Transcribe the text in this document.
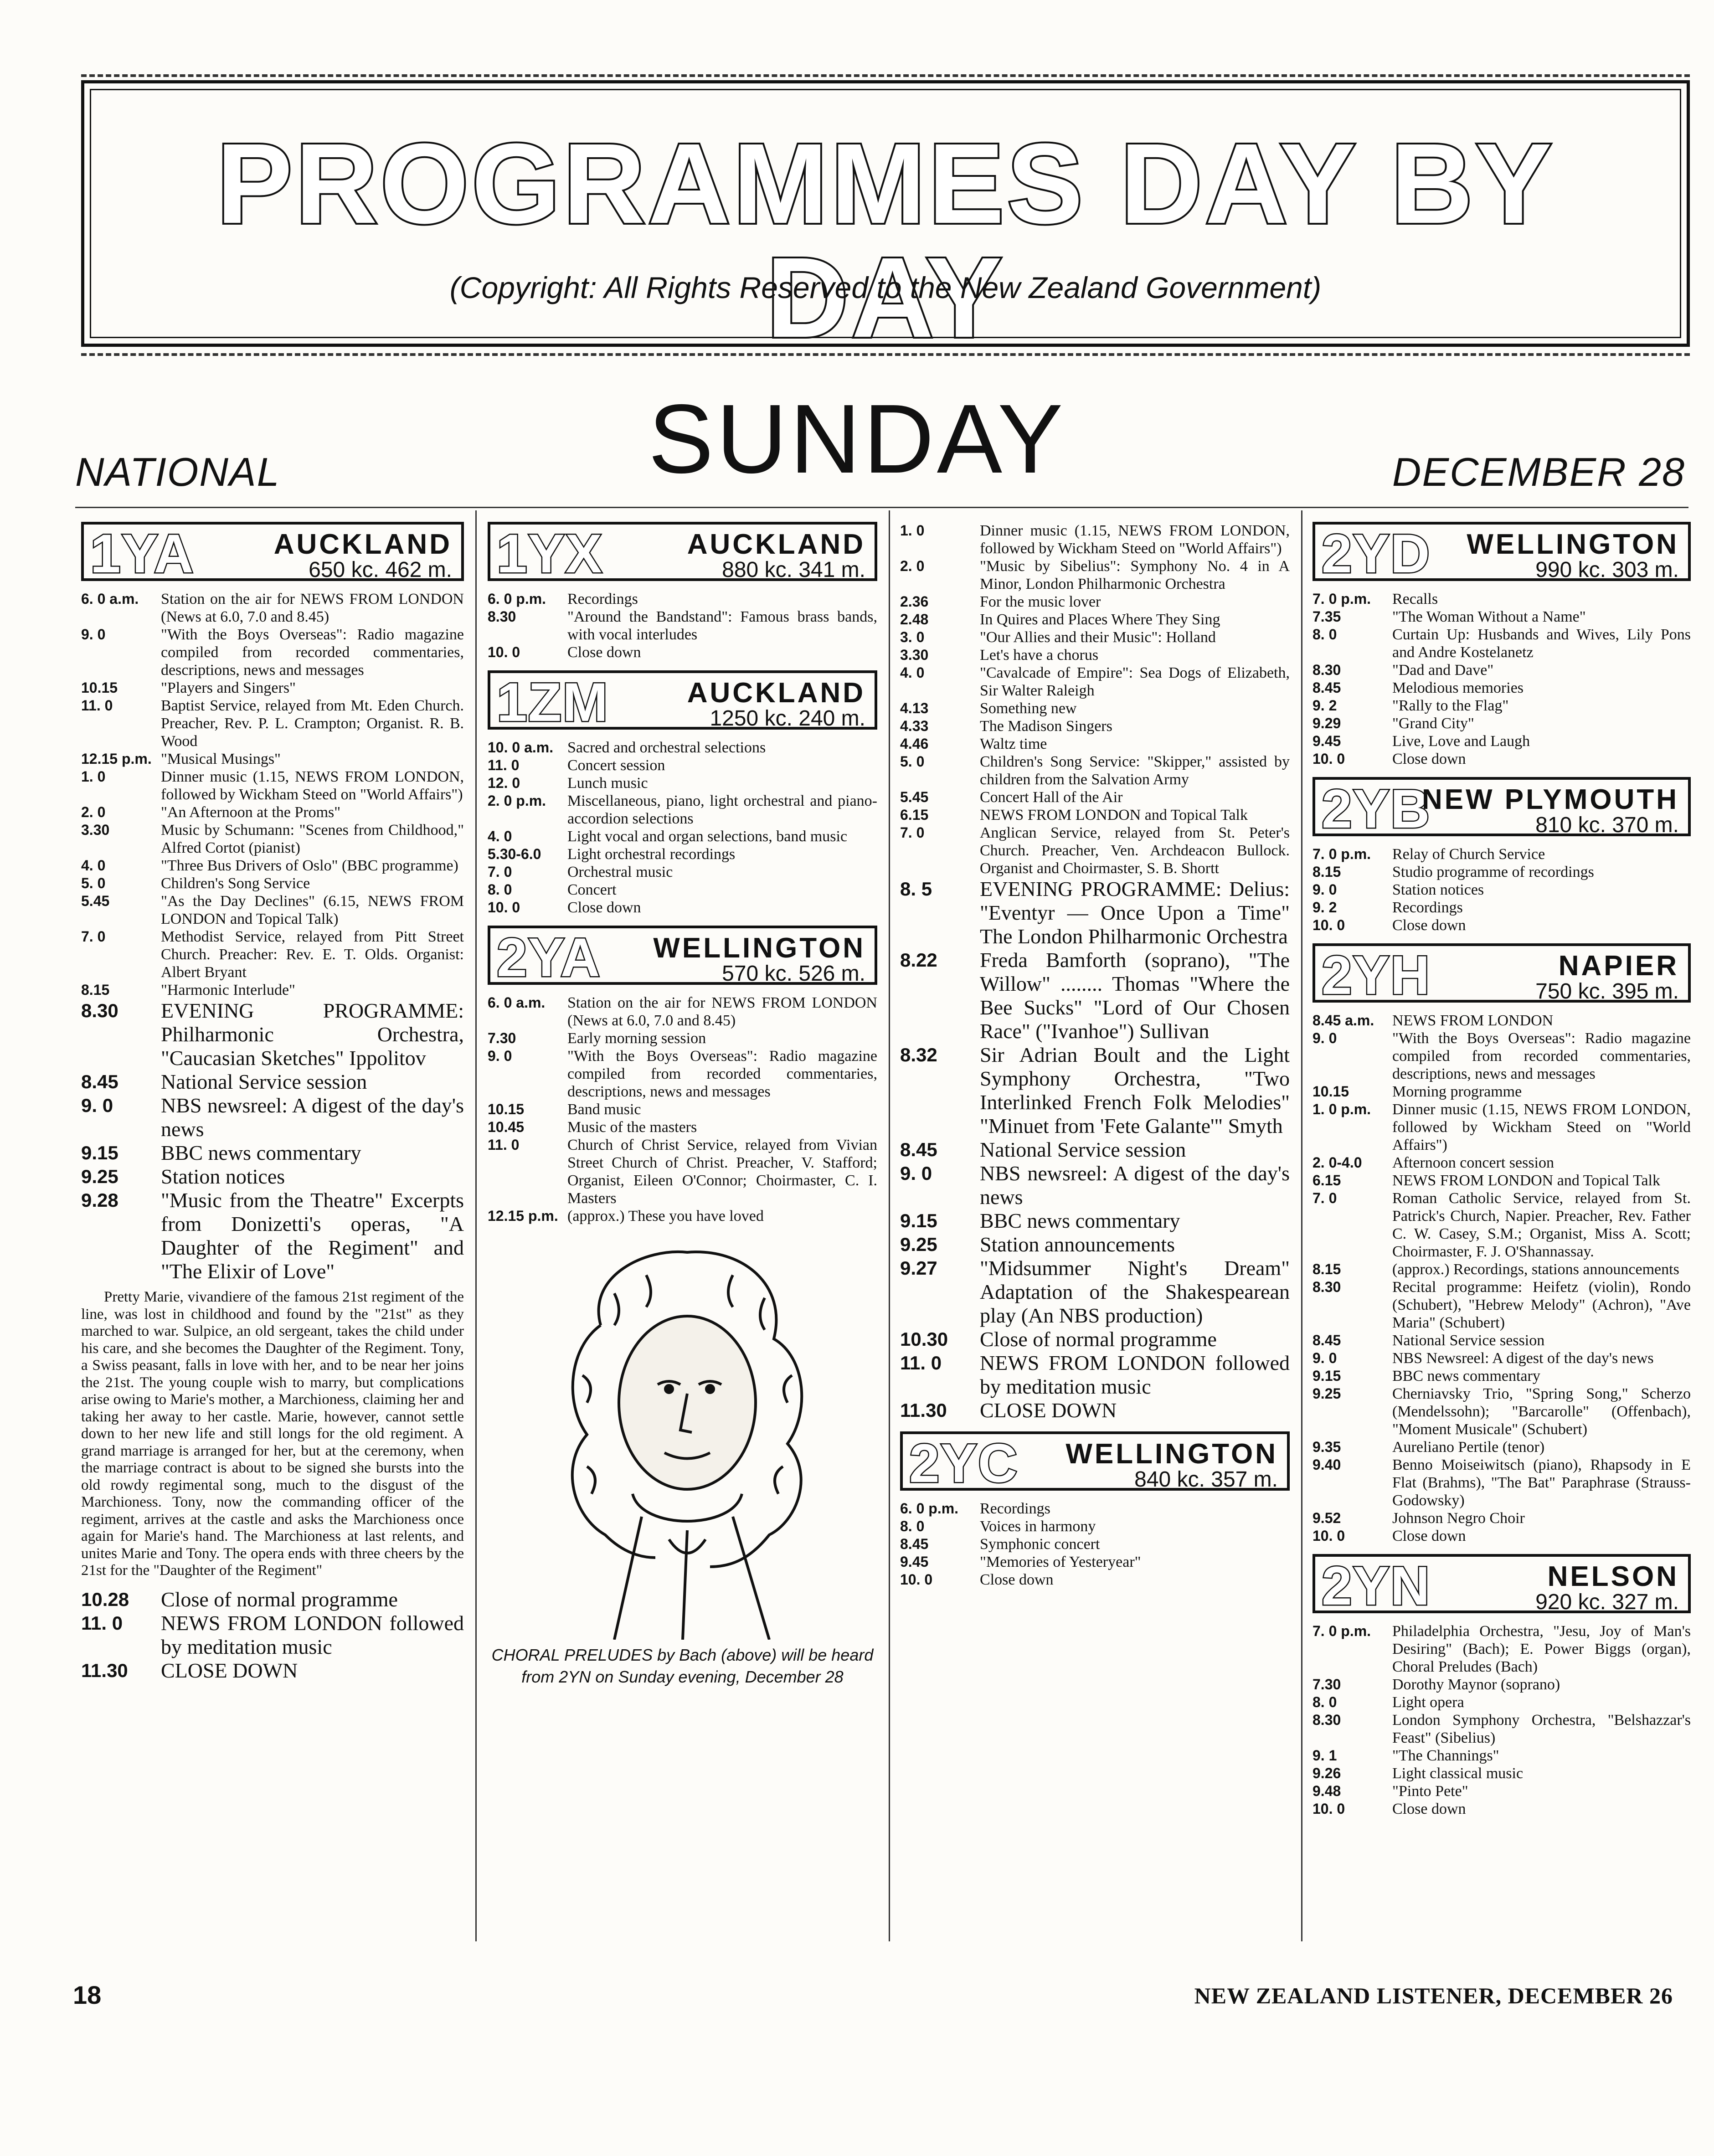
PROGRAMMES DAY BY DAY
(Copyright: All Rights Reserved to the New Zealand Government)
SUNDAY
NATIONAL	DECEMBER 28
1YA	AUCKLAND
650 kc. 462 m.
6. 0 a.m.	Station on the air for NEWS FROM LONDON (News at 6.0, 7.0 and 8.45)
9. 0	"With the Boys Overseas": Radio magazine compiled from recorded commentaries, descriptions, news and messages
10.15	"Players and Singers"
11. 0	Baptist Service, relayed from Mt. Eden Church. Preacher, Rev. P. L. Crampton; Organist. R. B. Wood
12.15 p.m. "Musical Musings"
1. 0	Dinner music (1.15, NEWS FROM LONDON, followed by Wickham Steed on "World Affairs")
2. 0	"An Afternoon at the Proms"
3.30	Music by Schumann: "Scenes from Childhood," Alfred Cortot (pianist)
4. 0	"Three Bus Drivers of Oslo" (BBC programme)
5. 0	Children's Song Service
5.45	"As the Day Declines" (6.15, NEWS FROM LONDON and Topical Talk)
7. 0	Methodist Service, relayed from Pitt Street Church. Preacher: Rev. E. T. Olds. Organist: Albert Bryant
8.15	"Harmonic Interlude"
8.30	EVENING PROGRAMME: Philharmonic Orchestra, "Caucasian Sketches" Ippolitov
8.45	National Service session
9. 0	NBS newsreel: A digest of the day's news
9.15	BBC news commentary
9.25	Station notices
9.28	"Music from the Theatre" Excerpts from Donizetti's operas, "A Daughter of the Regiment" and "The Elixir of Love"
Pretty Marie, vivandiere of the famous 21st regiment of the line, was lost in childhood and found by the "21st" as they marched to war. Sulpice, an old sergeant, takes the child under his care, and she becomes the Daughter of the Regiment. Tony, a Swiss peasant, falls in love with her, and to be near her joins the 21st. The young couple wish to marry, but complications arise owing to Marie's mother, a Marchioness, claiming her and taking her away to her castle. Marie, however, cannot settle down to her new life and still longs for the old regiment. A grand marriage is arranged for her, but at the ceremony, when the marriage contract is about to be signed she bursts into the old rowdy regimental song, much to the disgust of the Marchioness. Tony, now the commanding officer of the regiment, arrives at the castle and asks the Marchioness once again for Marie's hand. The Marchioness at last relents, and unites Marie and Tony. The opera ends with three cheers by the 21st for the "Daughter of the Regiment"
10.28	Close of normal programme
11. 0	NEWS FROM LONDON followed by meditation music
11.30	CLOSE DOWN
1YX	AUCKLAND
880 kc. 341 m.
6. 0 p.m.	Recordings
8.30	"Around the Bandstand": Famous brass bands, with vocal interludes
10. 0	Close down
1ZM	AUCKLAND
1250 kc. 240 m.
10. 0 a.m. Sacred and orchestral selections
11. 0	Concert session
12. 0	Lunch music
2. 0 p.m.	Miscellaneous, piano, light orchestral and piano-accordion selections
4. 0	Light vocal and organ selections, band music
5.30-6.0	Light orchestral recordings
7. 0	Orchestral music
8. 0	Concert
10. 0	Close down
2YA WELLINGTON
570 kc. 526 m.
6. 0 a.m.	Station on the air for NEWS FROM LONDON (News at 6.0, 7.0 and 8.45)
7.30	Early morning session
9. 0	"With the Boys Overseas": Radio magazine compiled from recorded commentaries, descriptions, news and messages
10.15	Band music
10.45	Music of the masters
11. 0	Church of Christ Service, relayed from Vivian Street Church of Christ. Preacher, V. Stafford; Organist, Eileen O'Connor; Choirmaster, C. I. Masters
12.15 p.m. (approx.) These you have loved
CHORAL PRELUDES by Bach (above) will be heard from 2YN on Sunday evening, December 28
1. 0	Dinner music (1.15, NEWS FROM LONDON, followed by Wickham Steed on "World Affairs")
2. 0	"Music by Sibelius": Symphony No. 4 in A Minor, London Philharmonic Orchestra
2.36	For the music lover
2.48	In Quires and Places Where They Sing
3. 0	"Our Allies and their Music": Holland
3.30	Let's have a chorus
4. 0	"Cavalcade of Empire": Sea Dogs of Elizabeth, Sir Walter Raleigh
4.13	Something new
4.33	The Madison Singers
4.46	Waltz time
5. 0	Children's Song Service: "Skipper," assisted by children from the Salvation Army
5.45	Concert Hall of the Air
6.15	NEWS FROM LONDON and Topical Talk
7. 0	Anglican Service, relayed from St. Peter's Church. Preacher, Ven. Archdeacon Bullock. Organist and Choirmaster, S. B. Shortt
8. 5	EVENING PROGRAMME: Delius: "Eventyr — Once Upon a Time" The London Philharmonic Orchestra
8.22	Freda Bamforth (soprano), "The Willow" ........ Thomas "Where the Bee Sucks" "Lord of Our Chosen Race" ("Ivanhoe") Sullivan
8.32	Sir Adrian Boult and the Light Symphony Orchestra, "Two Interlinked French Folk Melodies" "Minuet from 'Fete Galante'" Smyth
8.45	National Service session
9. 0	NBS newsreel: A digest of the day's news
9.15	BBC news commentary
9.25	Station announcements
9.27	"Midsummer Night's Dream" Adaptation of the Shakespearean play (An NBS production)
10.30	Close of normal programme
11. 0	NEWS FROM LONDON followed by meditation music
11.30	CLOSE DOWN
2YC WELLINGTON
840 kc. 357 m.
6. 0 p.m.	Recordings
8. 0	Voices in harmony
8.45	Symphonic concert
9.45	"Memories of Yesteryear"
10. 0	Close down
2YD WELLINGTON
990 kc. 303 m.
7. 0 p.m.	Recalls
7.35	"The Woman Without a Name"
8. 0	Curtain Up: Husbands and Wives, Lily Pons and Andre Kostelanetz
8.30	"Dad and Dave"
8.45	Melodious memories
9. 2	"Rally to the Flag"
9.29	"Grand City"
9.45	Live, Love and Laugh
10. 0	Close down
2YB
NEW PLYMOUTH
810 kc. 370 m.
7. 0 p.m.	Relay of Church Service
8.15	Studio programme of recordings
9. 0	Station notices
9. 2	Recordings
10. 0	Close down
2YH	NAPIER
750 kc. 395 m.
8.45 a.m.	NEWS FROM LONDON
9. 0	"With the Boys Overseas": Radio magazine compiled from recorded commentaries, descriptions, news and messages
10.15	Morning programme
1. 0 p.m.	Dinner music (1.15, NEWS FROM LONDON, followed by Wickham Steed on "World Affairs")
2. 0-4.0	Afternoon concert session
6.15	NEWS FROM LONDON and Topical Talk
7. 0	Roman Catholic Service, relayed from St. Patrick's Church, Napier. Preacher, Rev. Father C. W. Casey, S.M.; Organist, Miss A. Scott; Choirmaster, F. J. O'Shannassay.
8.15	(approx.) Recordings, stations announcements
8.30	Recital programme: Heifetz (violin), Rondo (Schubert), "Hebrew Melody" (Achron), "Ave Maria" (Schubert)
8.45	National Service session
9. 0	NBS Newsreel: A digest of the day's news
9.15	BBC news commentary
9.25	Cherniavsky Trio, "Spring Song," Scherzo (Mendelssohn); "Barcarolle" (Offenbach), "Moment Musicale" (Schubert)
9.35	Aureliano Pertile (tenor)
9.40	Benno Moiseiwitsch (piano), Rhapsody in E Flat (Brahms), "The Bat" Paraphrase (Strauss-Godowsky)
9.52	Johnson Negro Choir
10. 0	Close down
2YN	NELSON
920 kc. 327 m.
7. 0 p.m.	Philadelphia Orchestra, "Jesu, Joy of Man's Desiring" (Bach); E. Power Biggs (organ), Choral Preludes (Bach)
7.30	Dorothy Maynor (soprano)
8. 0	Light opera
8.30	London Symphony Orchestra, "Belshazzar's Feast" (Sibelius)
9. 1	"The Channings"
9.26	Light classical music
9.48	"Pinto Pete"
10. 0	Close down
18	NEW ZEALAND LISTENER, DECEMBER 26
